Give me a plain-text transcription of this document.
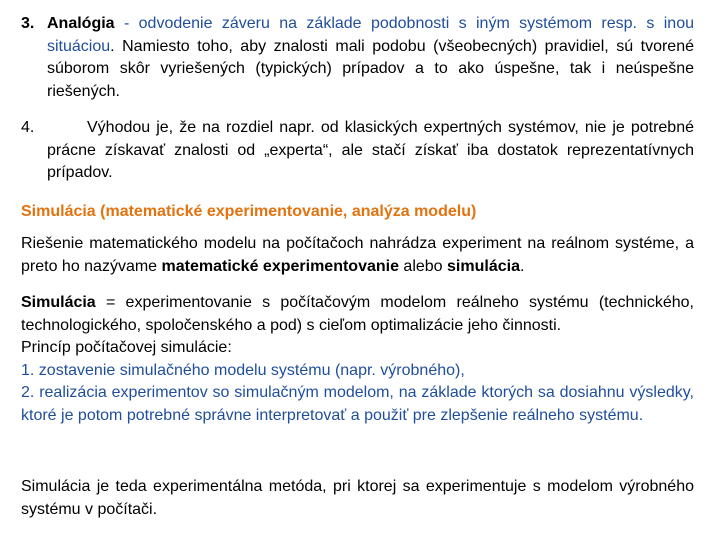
3. Analógia - odvodenie záveru na základe podobnosti s iným systémom resp. s inou situáciou. Namiesto toho, aby znalosti mali podobu (všeobecných) pravidiel, sú tvorené súborom skôr vyriešených (typických) prípadov a to ako úspešne, tak i neúspešne riešených.
4.	Výhodou je, že na rozdiel napr. od klasických expertných systémov, nie je potrebné prácne získavať znalosti od „experta“, ale stačí získať iba dostatok reprezentatívnych prípadov.
Simulácia (matematické experimentovanie, analýza modelu)
Riešenie matematického modelu na počítačoch nahrádza experiment na reálnom systéme, a preto ho nazývame matematické experimentovanie alebo simulácia.
Simulácia = experimentovanie s počítačovým modelom reálneho systému (technického, technologického, spoločenského a pod) s cieľom optimalizácie jeho činnosti.
Princíp počítačovej simulácie:
1. zostavenie simulačného modelu systému (napr. výrobného),
2. realizácia experimentov so simulačným modelom, na základe ktorých sa dosiahnu výsledky, ktoré je potom potrebné správne interpretovať a použiť pre zlepšenie reálneho systému.
Simulácia je teda experimentálna metóda, pri ktorej sa experimentuje s modelom výrobného systému v počítači.
